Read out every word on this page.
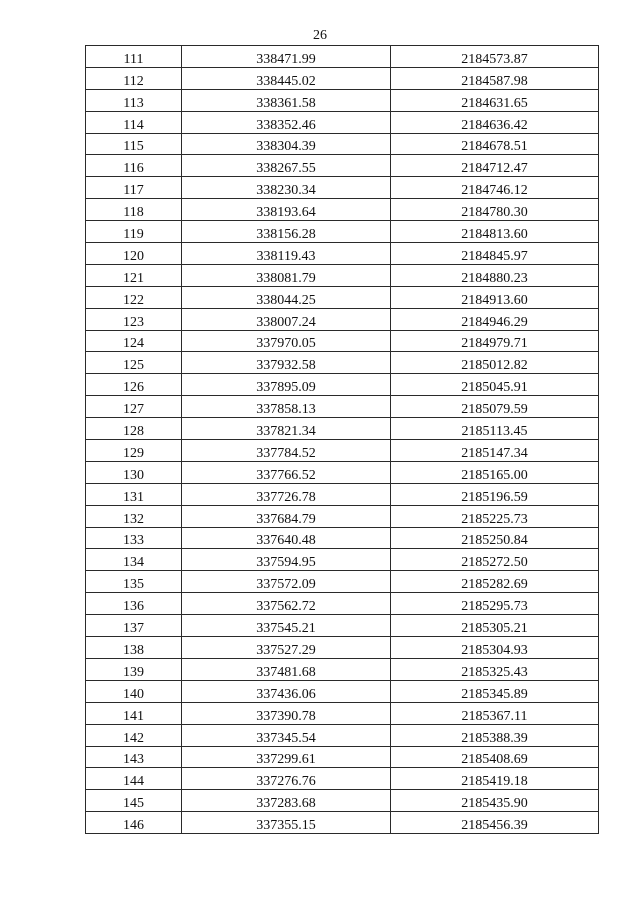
26
111	338471.99	2184573.87
112	338445.02	2184587.98
113	338361.58	2184631.65
114	338352.46	2184636.42
115	338304.39	2184678.51
116	338267.55	2184712.47
117	338230.34	2184746.12
118	338193.64	2184780.30
119	338156.28	2184813.60
120	338119.43	2184845.97
121	338081.79	2184880.23
122	338044.25	2184913.60
123	338007.24	2184946.29
124	337970.05	2184979.71
125	337932.58	2185012.82
126	337895.09	2185045.91
127	337858.13	2185079.59
128	337821.34	2185113.45
129	337784.52	2185147.34
130	337766.52	2185165.00
131	337726.78	2185196.59
132	337684.79	2185225.73
133	337640.48	2185250.84
134	337594.95	2185272.50
135	337572.09	2185282.69
136	337562.72	2185295.73
137	337545.21	2185305.21
138	337527.29	2185304.93
139	337481.68	2185325.43
140	337436.06	2185345.89
141	337390.78	2185367.11
142	337345.54	2185388.39
143	337299.61	2185408.69
144	337276.76	2185419.18
145	337283.68	2185435.90
146	337355.15	2185456.39
